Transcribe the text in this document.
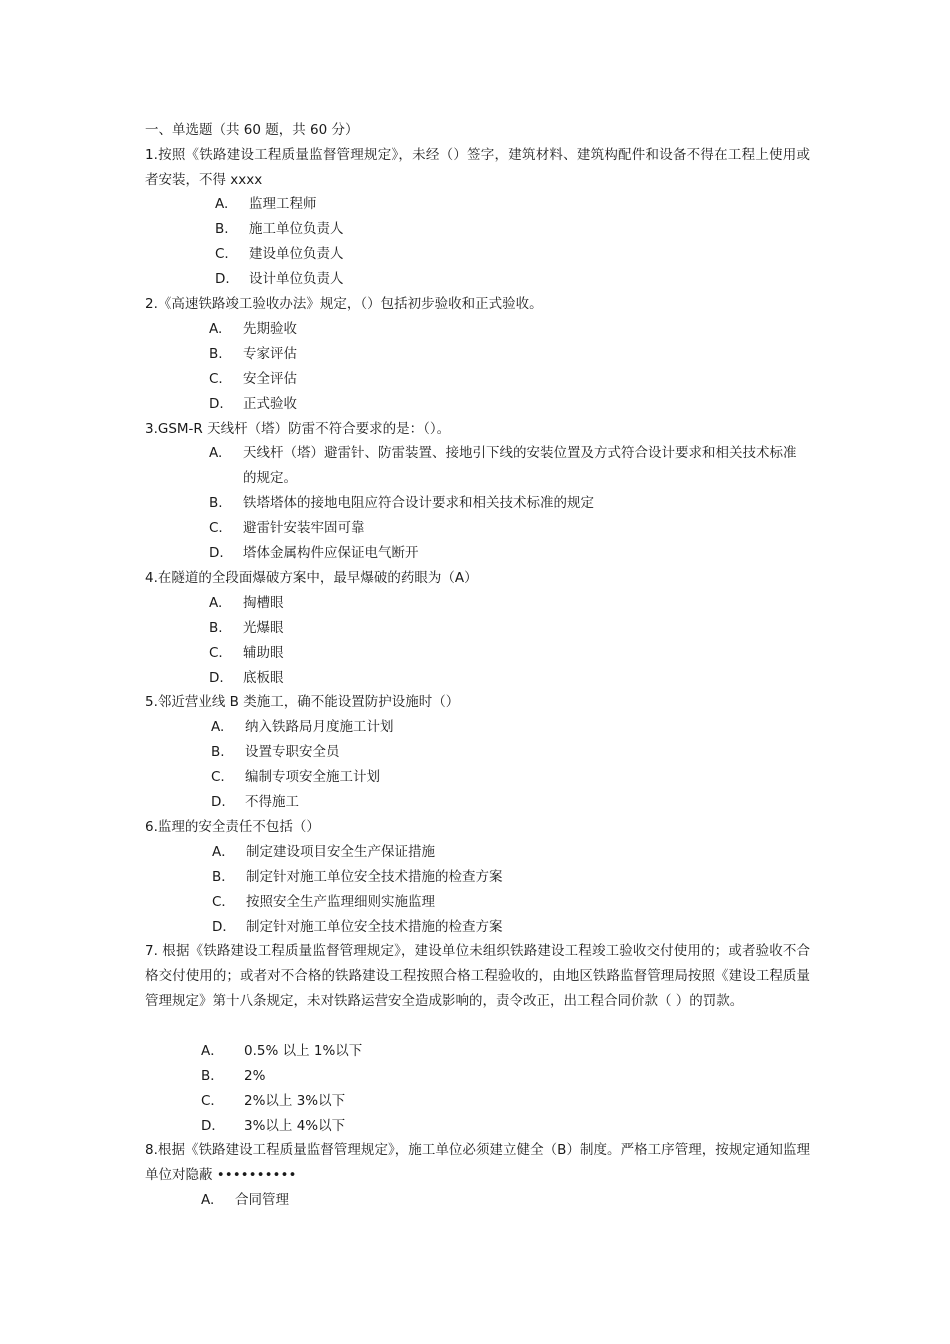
一、单选题（共 60 题，共 60 分）
1.按照《铁路建设工程质量监督管理规定》，未经（）签字，建筑材料、建筑构配件和设备不得在工程上使用或者安装，不得 xxxx
A.	监理工程师
B.	施工单位负责人
C.	建设单位负责人
D.	设计单位负责人
2.《高速铁路竣工验收办法》规定，（）包括初步验收和正式验收。
A.	先期验收
B.	专家评估
C.	安全评估
D.	正式验收
3.GSM-R 天线杆（塔）防雷不符合要求的是：（）。
A.	天线杆（塔）避雷针、防雷装置、接地引下线的安装位置及方式符合设计要求和相关技术标准的规定。
B.	铁塔塔体的接地电阻应符合设计要求和相关技术标准的规定
C.	避雷针安装牢固可靠
D.	塔体金属构件应保证电气断开
4.在隧道的全段面爆破方案中，最早爆破的药眼为（A）
A.	掏槽眼
B.	光爆眼
C.	辅助眼
D.	底板眼
5.邻近营业线 B 类施工，确不能设置防护设施时（）
A.	纳入铁路局月度施工计划
B.	设置专职安全员
C.	编制专项安全施工计划
D.	不得施工
6.监理的安全责任不包括（）
A． 制定建设项目安全生产保证措施
B． 制定针对施工单位安全技术措施的检查方案
C． 按照安全生产监理细则实施监理
D． 制定针对施工单位安全技术措施的检查方案
7. 根据《铁路建设工程质量监督管理规定》，建设单位未组织铁路建设工程竣工验收交付使用的；或者验收不合格交付使用的；或者对不合格的铁路建设工程按照合格工程验收的，由地区铁路监督管理局按照《建设工程质量管理规定》第十八条规定，未对铁路运营安全造成影响的，责令改正，出工程合同价款（ ）的罚款。
A．	0.5% 以上 1%以下
B．	2%
C．	2%以上 3%以下
D．	3%以上 4%以下
8.根据《铁路建设工程质量监督管理规定》，施工单位必须建立健全（B）制度。严格工序管理，按规定通知监理单位对隐蔽 ••••••••••
A.	合同管理
